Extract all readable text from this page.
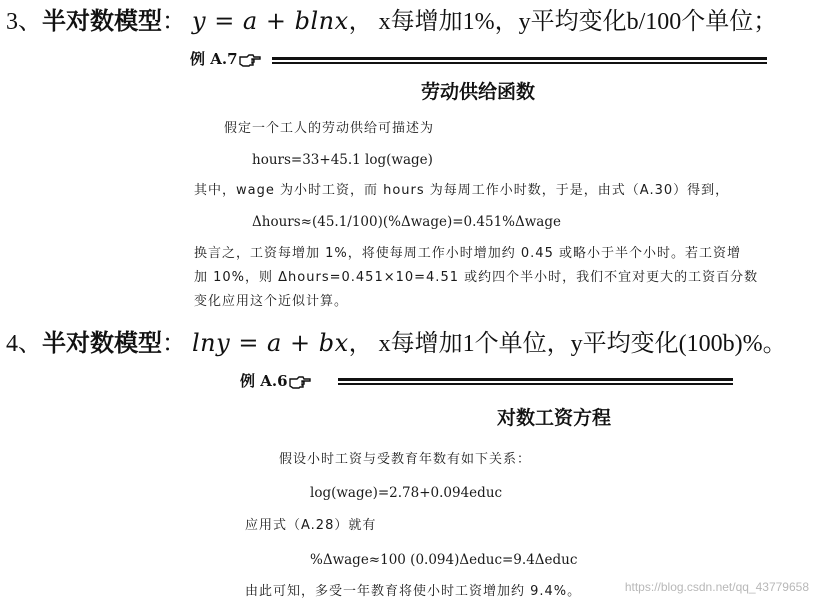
3、半对数模型： y = a + blnx， x每增加1%，y平均变化b/100个单位；
例 A.7
劳动供给函数
假定一个工人的劳动供给可描述为
hours=33+45.1 log(wage)
其中，wage 为小时工资，而 hours 为每周工作小时数，于是，由式（A.30）得到，
Δhours≈(45.1/100)(%Δwage)=0.451%Δwage
换言之，工资每增加 1%，将使每周工作小时增加约 0.45 或略小于半个小时。若工资增
加 10%，则 Δhours=0.451×10=4.51 或约四个半小时，我们不宜对更大的工资百分数
变化应用这个近似计算。
4、半对数模型： lny = a + bx， x每增加1个单位，y平均变化(100b)%。
例 A.6
对数工资方程
假设小时工资与受教育年数有如下关系：
log(wage)=2.78+0.094educ
应用式（A.28）就有
%Δwage≈100 (0.094)Δeduc=9.4Δeduc
由此可知，多受一年教育将使小时工资增加约 9.4%。	https://blog.csdn.net/qq_43779658
